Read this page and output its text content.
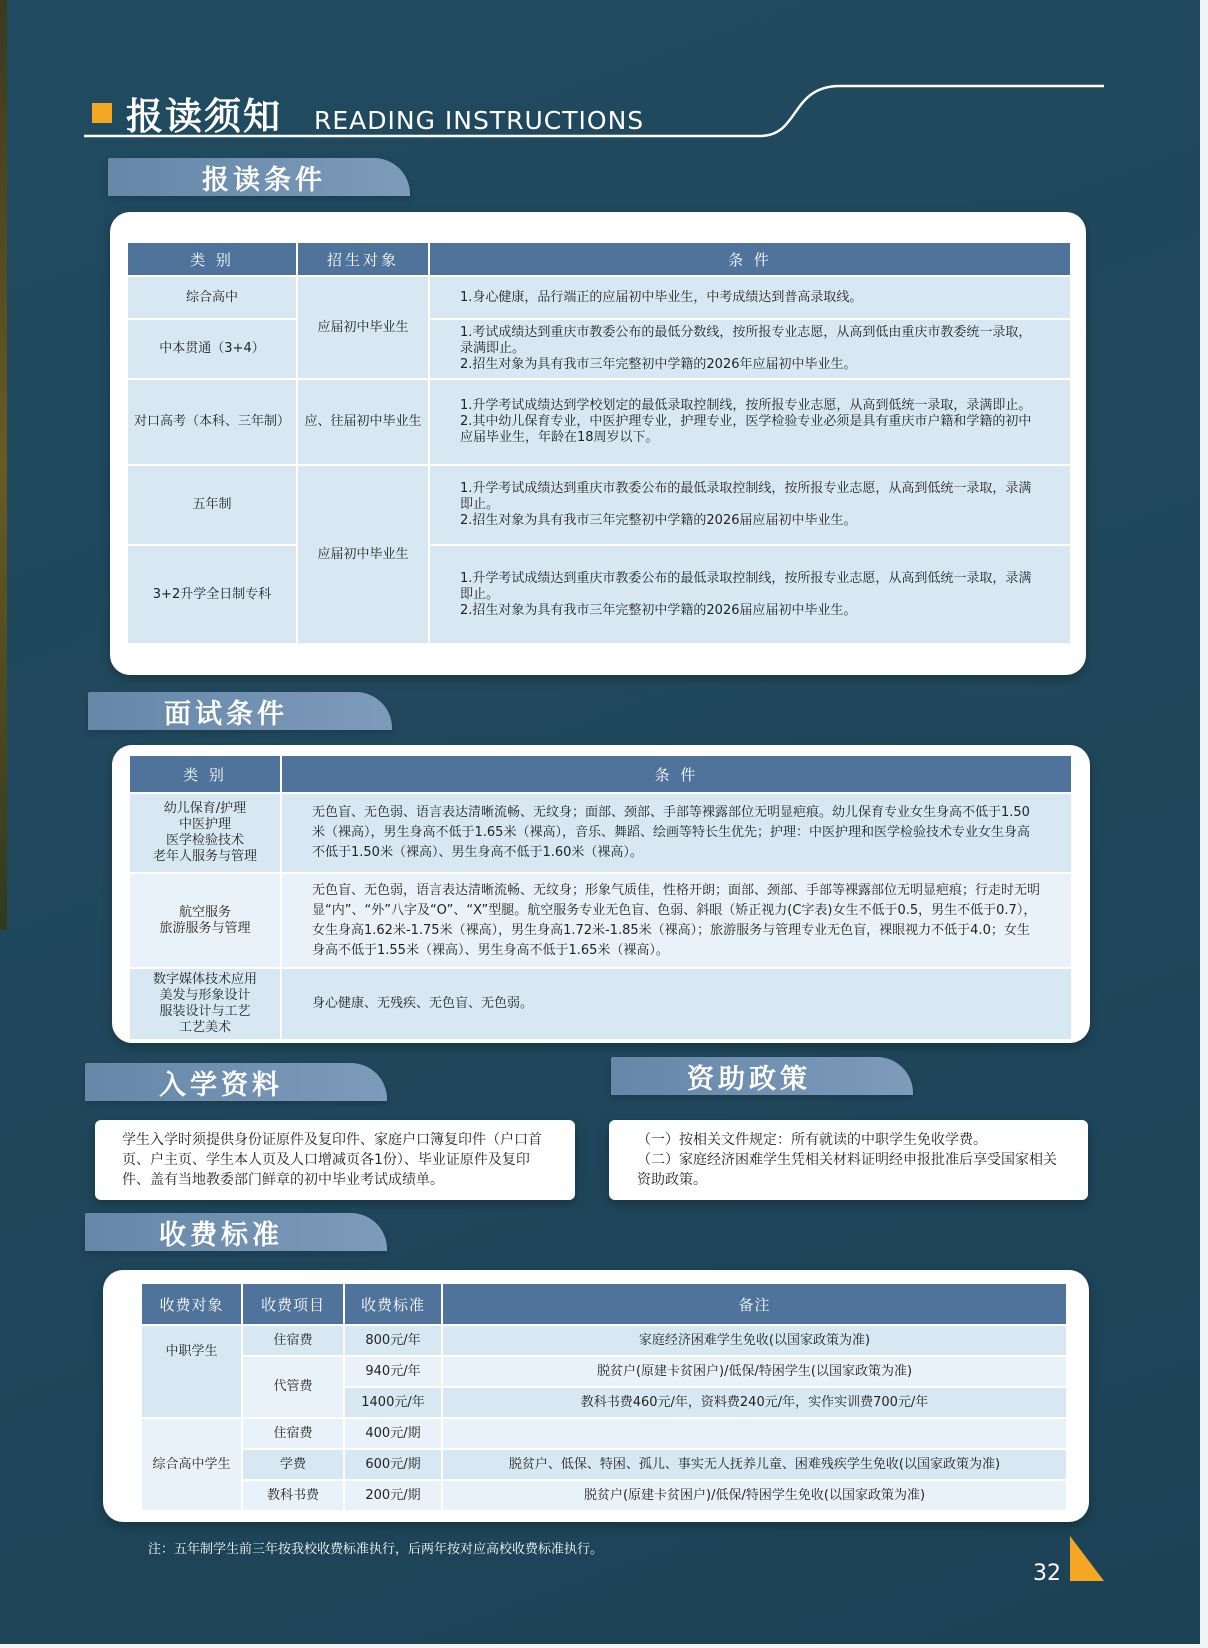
报读须知 READING INSTRUCTIONS
报读条件
类 别	招生对象	条 件
综合高中	应届初中毕业生	1.身心健康，品行端正的应届初中毕业生，中考成绩达到普高录取线。

中本贯通（3+4）		1.考试成绩达到重庆市教委公布的最低分数线，按所报专业志愿，从高到低由重庆市教委统一录取，录满即止。
2.招生对象为具有我市三年完整初中学籍的2026年应届初中毕业生。

对口高考（本科、三年制）	应、往届初中毕业生	1.升学考试成绩达到学校划定的最低录取控制线，按所报专业志愿，从高到低统一录取，录满即止。
2.其中幼儿保育专业，中医护理专业，护理专业，医学检验专业必须是具有重庆市户籍和学籍的初中应届毕业生，年龄在18周岁以下。

五年制	应届初中毕业生	1.升学考试成绩达到重庆市教委公布的最低录取控制线，按所报专业志愿，从高到低统一录取，录满即止。
2.招生对象为具有我市三年完整初中学籍的2026届应届初中毕业生。

3+2升学全日制专科		1.升学考试成绩达到重庆市教委公布的最低录取控制线，按所报专业志愿，从高到低统一录取，录满即止。
2.招生对象为具有我市三年完整初中学籍的2026届应届初中毕业生。
面试条件
类 别	条 件

幼儿保育/护理
中医护理
医学检验技术
老年人服务与管理	无色盲、无色弱、语言表达清晰流畅、无纹身；面部、颈部、手部等裸露部位无明显疤痕。幼儿保育专业女生身高不低于1.50米（裸高），男生身高不低于1.65米（裸高），音乐、舞蹈、绘画等特长生优先；护理：中医护理和医学检验技术专业女生身高不低于1.50米（裸高）、男生身高不低于1.60米（裸高）。

航空服务
旅游服务与管理	无色盲、无色弱，语言表达清晰流畅、无纹身；形象气质佳，性格开朗；面部、颈部、手部等裸露部位无明显疤痕；行走时无明显“内”、“外”八字及“O”、“X”型腿。航空服务专业无色盲、色弱、斜眼（矫正视力(C字表)女生不低于0.5，男生不低于0.7），女生身高1.62米-1.75米（裸高），男生身高1.72米-1.85米（裸高）；旅游服务与管理专业无色盲，裸眼视力不低于4.0；女生身高不低于1.55米（裸高）、男生身高不低于1.65米（裸高）。

数字媒体技术应用
美发与形象设计
服装设计与工艺
工艺美术	身心健康、无残疾、无色盲、无色弱。
入学资料
学生入学时须提供身份证原件及复印件、家庭户口簿复印件（户口首页、户主页、学生本人页及人口增减页各1份）、毕业证原件及复印件、盖有当地教委部门鲜章的初中毕业考试成绩单。
资助政策
（一）按相关文件规定：所有就读的中职学生免收学费。
（二）家庭经济困难学生凭相关材料证明经申报批准后享受国家相关资助政策。
收费标准
收费对象	收费项目	收费标准	备注
中职学生	住宿费	800元/年	家庭经济困难学生免收(以国家政策为准)
	代管费	940元/年	脱贫户(原建卡贫困户)/低保/特困学生(以国家政策为准)
		1400元/年	教科书费460元/年，资料费240元/年，实作实训费700元/年
综合高中学生	住宿费	400元/期	
	学费	600元/期	脱贫户、低保、特困、孤儿、事实无人抚养儿童、困难残疾学生免收(以国家政策为准)
	教科书费	200元/期	脱贫户(原建卡贫困户)/低保/特困学生免收(以国家政策为准)
注：五年制学生前三年按我校收费标准执行，后两年按对应高校收费标准执行。
32
